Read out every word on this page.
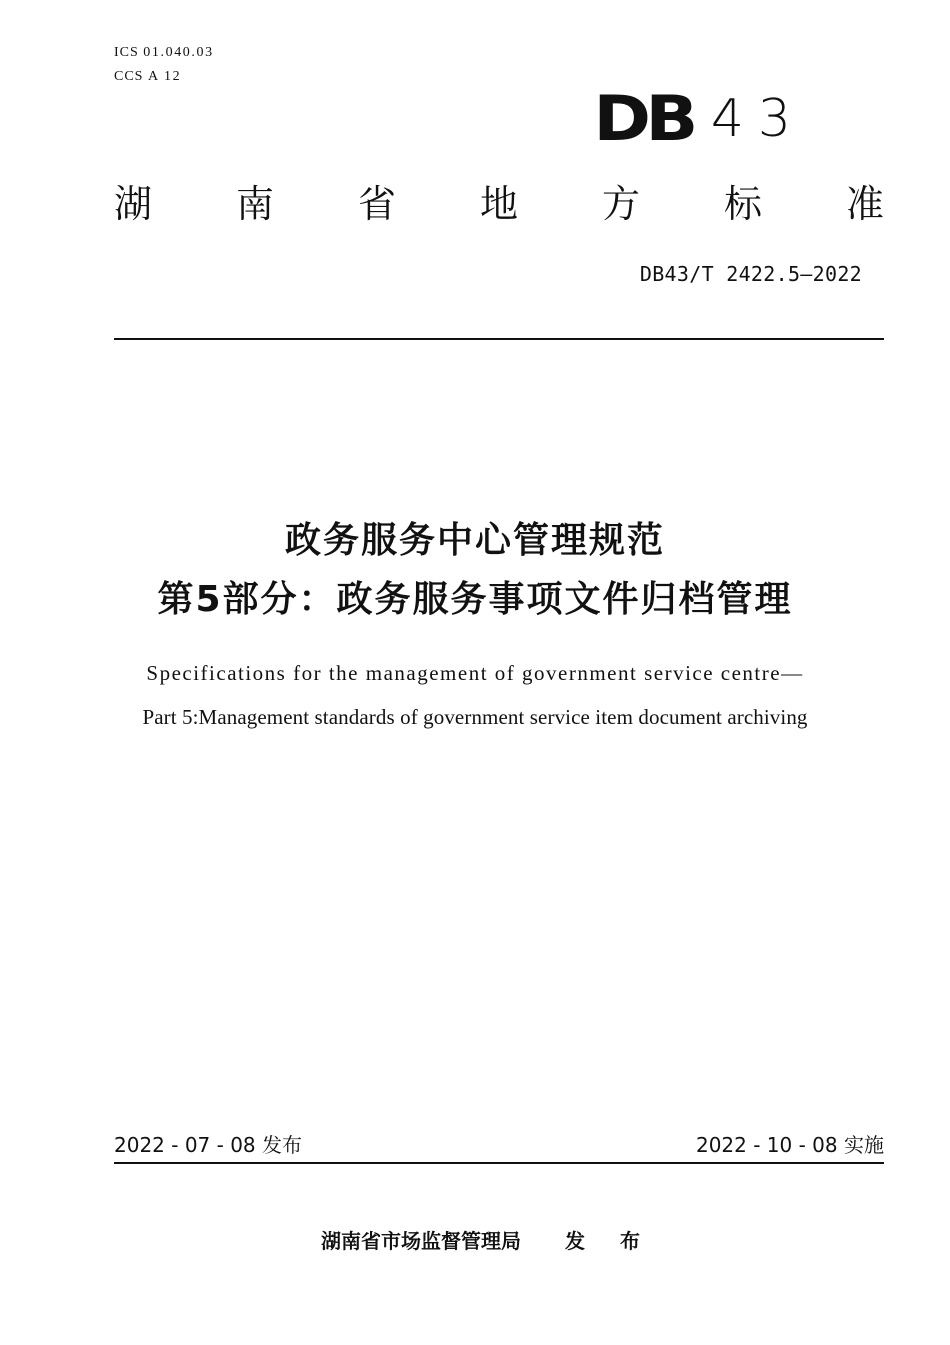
ICS 01.040.03
CCS A 12
DB 43
湖 南 省 地 方 标 准
DB43/T 2422.5—2022
政务服务中心管理规范
第5部分：政务服务事项文件归档管理
Specifications for the management of government service centre—
Part 5:Management standards of government service item document archiving
2022 - 07 - 08 发布	2022 - 10 - 08 实施
湖南省市场监督管理局 发 布
